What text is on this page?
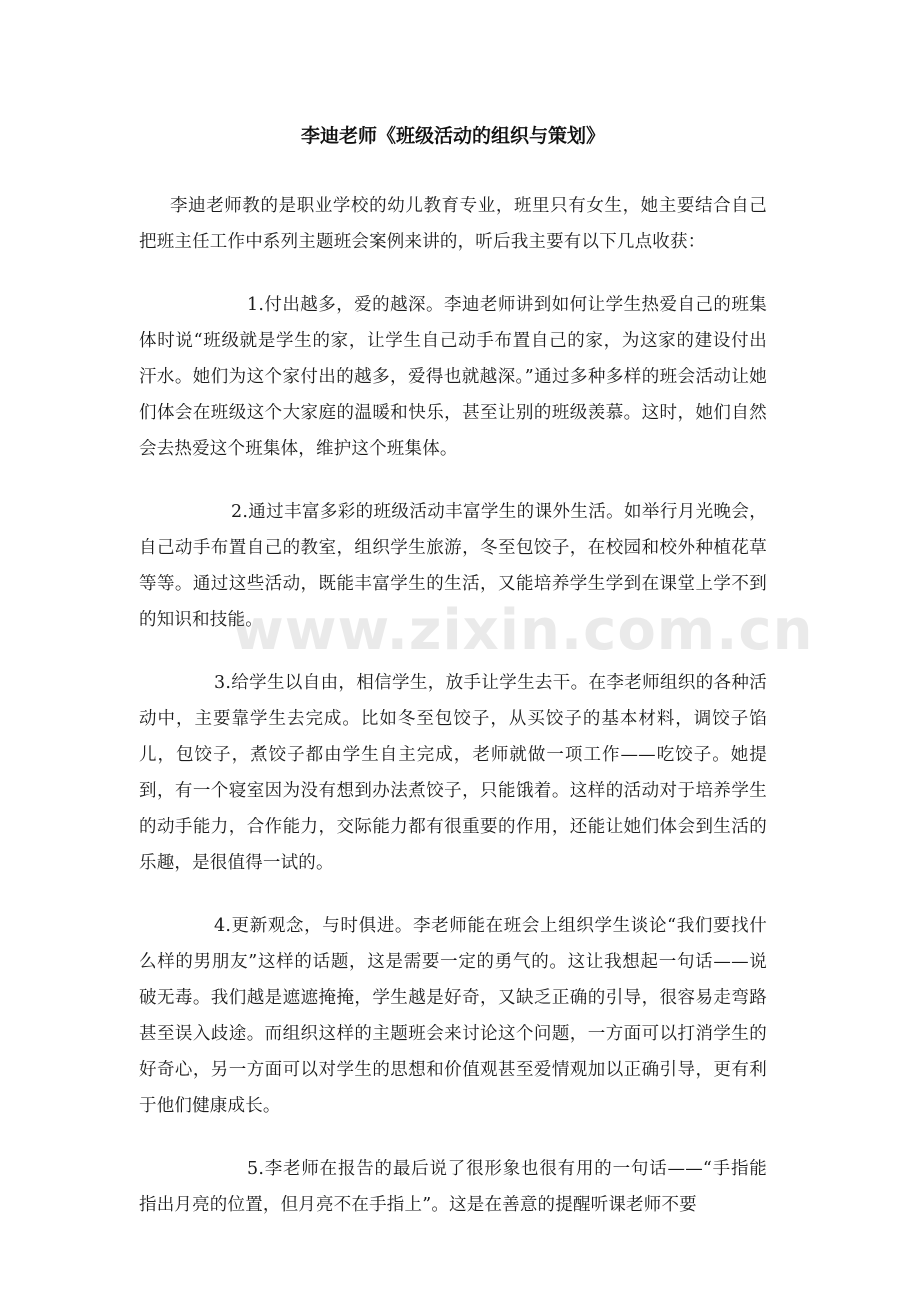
李迪老师《班级活动的组织与策划》

李迪老师教的是职业学校的幼儿教育专业，班里只有女生，她主要结合自己把班主任工作中系列主题班会案例来讲的，听后我主要有以下几点收获：

1.付出越多，爱的越深。李迪老师讲到如何让学生热爱自己的班集体时说“班级就是学生的家，让学生自己动手布置自己的家，为这家的建设付出汗水。她们为这个家付出的越多，爱得也就越深。”通过多种多样的班会活动让她们体会在班级这个大家庭的温暖和快乐，甚至让别的班级羡慕。这时，她们自然会去热爱这个班集体，维护这个班集体。

2.通过丰富多彩的班级活动丰富学生的课外生活。如举行月光晚会，自己动手布置自己的教室，组织学生旅游，冬至包饺子，在校园和校外种植花草等等。通过这些活动，既能丰富学生的生活，又能培养学生学到在课堂上学不到的知识和技能。

3.给学生以自由，相信学生，放手让学生去干。在李老师组织的各种活动中，主要靠学生去完成。比如冬至包饺子，从买饺子的基本材料，调饺子馅儿，包饺子，煮饺子都由学生自主完成，老师就做一项工作——吃饺子。她提到，有一个寝室因为没有想到办法煮饺子，只能饿着。这样的活动对于培养学生的动手能力，合作能力，交际能力都有很重要的作用，还能让她们体会到生活的乐趣，是很值得一试的。

4.更新观念，与时俱进。李老师能在班会上组织学生谈论“我们要找什么样的男朋友”这样的话题，这是需要一定的勇气的。这让我想起一句话——说破无毒。我们越是遮遮掩掩，学生越是好奇，又缺乏正确的引导，很容易走弯路甚至误入歧途。而组织这样的主题班会来讨论这个问题，一方面可以打消学生的好奇心，另一方面可以对学生的思想和价值观甚至爱情观加以正确引导，更有利于他们健康成长。

5.李老师在报告的最后说了很形象也很有用的一句话——“手指能指出月亮的位置，但月亮不在手指上”。这是在善意的提醒听课老师不要

www.zixin.com.cn
